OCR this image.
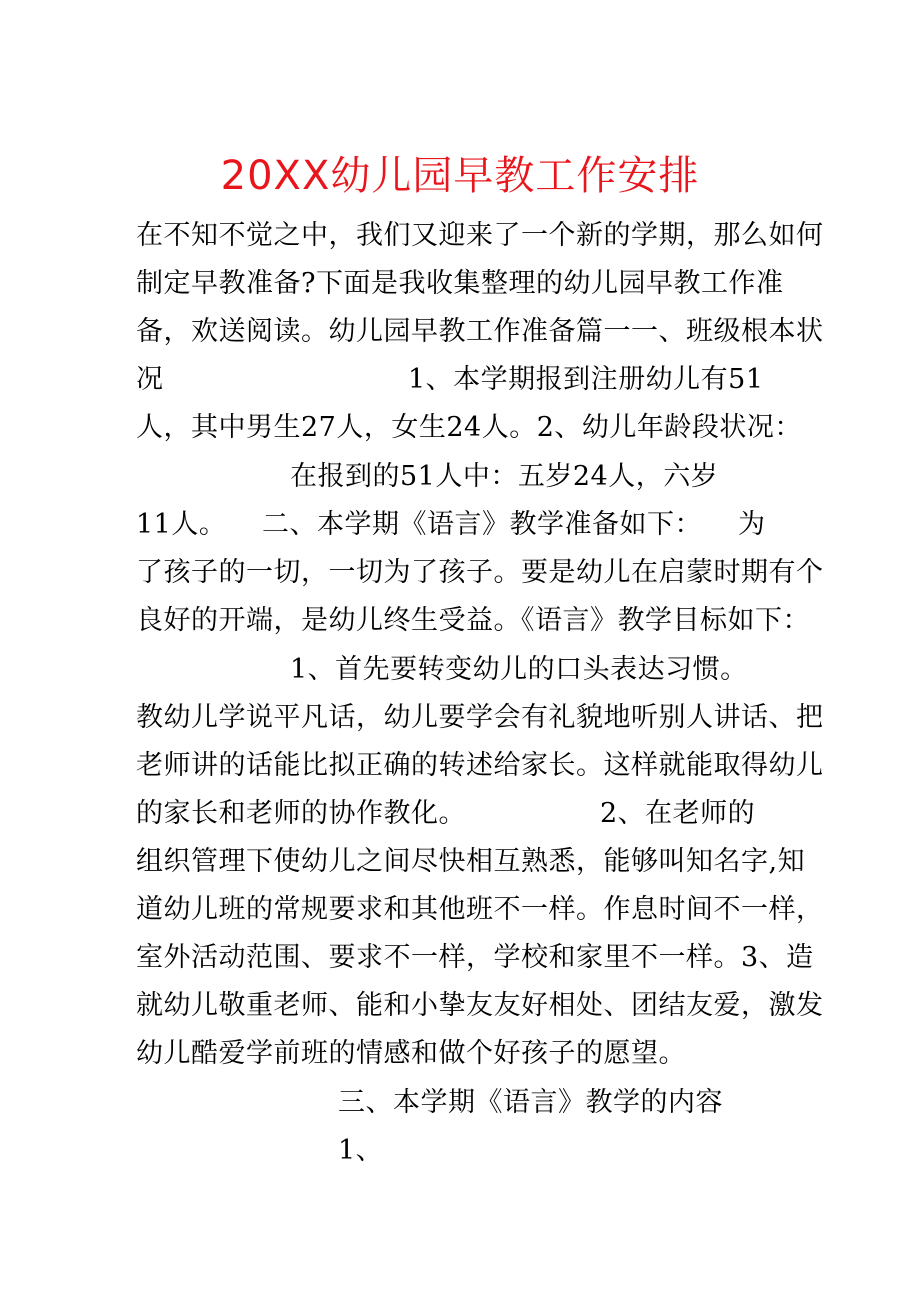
20XX幼儿园早教工作安排
在不知不觉之中，我们又迎来了一个新的学期，那么如何
制定早教准备?下面是我收集整理的幼儿园早教工作准
备，欢送阅读。幼儿园早教工作准备篇一一、班级根本状
况	1、本学期报到注册幼儿有51
人，其中男生27人，女生24人。2、幼儿年龄段状况：
在报到的51人中：五岁24人，六岁
11人。 二、本学期《语言》教学准备如下： 为
了孩子的一切，一切为了孩子。要是幼儿在启蒙时期有个
良好的开端，是幼儿终生受益。《语言》教学目标如下：
1、首先要转变幼儿的口头表达习惯。
教幼儿学说平凡话，幼儿要学会有礼貌地听别人讲话、把
老师讲的话能比拟正确的转述给家长。这样就能取得幼儿
的家长和老师的协作教化。	2、在老师的
组织管理下使幼儿之间尽快相互熟悉，能够叫知名字,知
道幼儿班的常规要求和其他班不一样。作息时间不一样，
室外活动范围、要求不一样，学校和家里不一样。3、造
就幼儿敬重老师、能和小挚友友好相处、团结友爱，激发
幼儿酷爱学前班的情感和做个好孩子的愿望。
三、本学期《语言》教学的内容
1、
